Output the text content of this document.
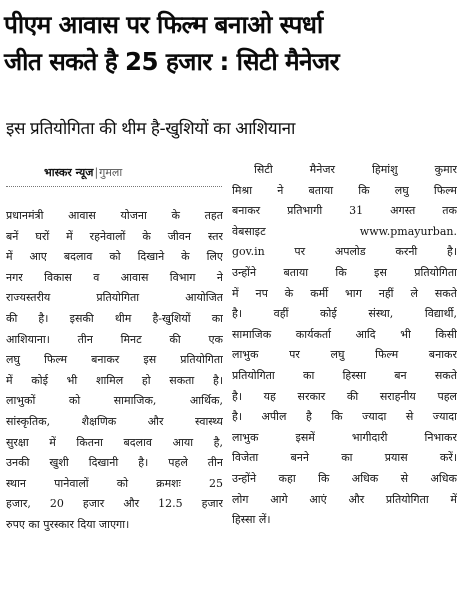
पीएम आवास पर फिल्म बनाओ स्पर्धा
जीत सकते है 25 हजार : सिटी मैनेजर
इस प्रतियोगिता की थीम है-खुशियों का आशियाना
भास्कर न्यूज|गुमला
प्रधानमंत्री आवास योजना के तहत
बनें घरों में रहनेवालों के जीवन स्तर
में आए बदलाव को दिखाने के लिए
नगर विकास व आवास विभाग ने
राज्यस्तरीय प्रतियोगिता आयोजित
की है। इसकी थीम है-खुशियों का
आशियाना। तीन मिनट की एक
लघु फिल्म बनाकर इस प्रतियोगिता
में कोई भी शामिल हो सकता है।
लाभुकों को सामाजिक, आर्थिक,
सांस्कृतिक, शैक्षणिक और स्वास्थ्य
सुरक्षा में कितना बदलाव आया है,
उनकी खुशी दिखानी है। पहले तीन
स्थान पानेवालों को क्रमशः 25
हजार, 20 हजार और 12.5 हजार
रुपए का पुरस्कार दिया जाएगा।
सिटी मैनेजर हिमांशु कुमार
मिश्रा ने बताया कि लघु फिल्म
बनाकर प्रतिभागी 31 अगस्त तक
वेबसाइट www.pmayurban.
gov.in पर अपलोड करनी है।
उन्होंने बताया कि इस प्रतियोगिता
में नप के कर्मी भाग नहीं ले सकते
है। वहीं कोई संस्था, विद्यार्थी,
सामाजिक कार्यकर्ता आदि भी किसी
लाभुक पर लघु फिल्म बनाकर
प्रतियोगिता का हिस्सा बन सकते
है। यह सरकार की सराहनीय पहल
है। अपील है कि ज्यादा से ज्यादा
लाभुक इसमें भागीदारी निभाकर
विजेता बनने का प्रयास करें।
उन्होंने कहा कि अधिक से अधिक
लोग आगे आएं और प्रतियोगिता में
हिस्सा लें।
